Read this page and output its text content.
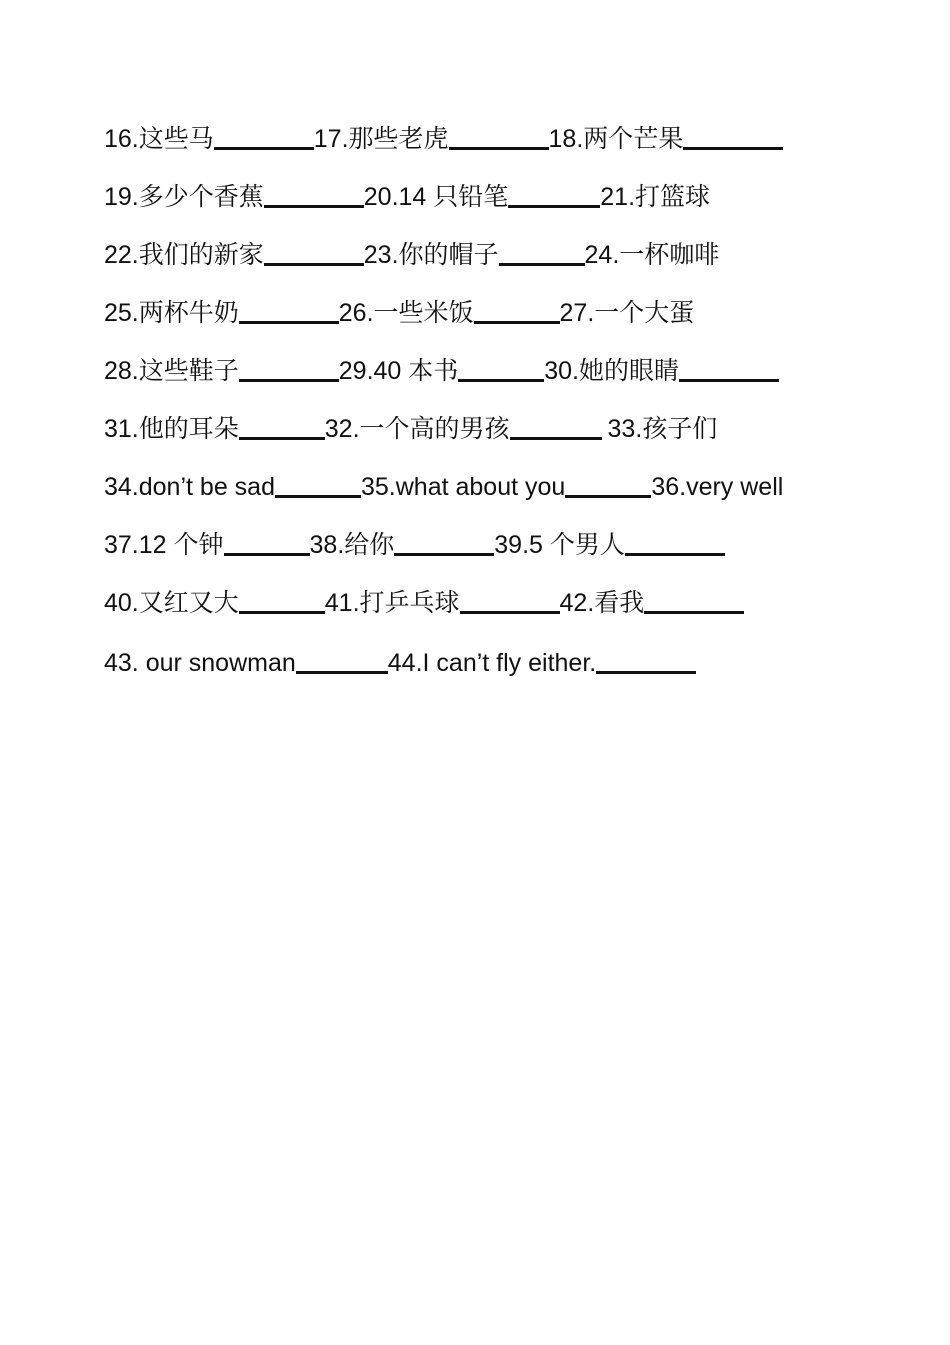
16.这些马	17.那些老虎	18.两个芒果
19.多少个香蕉	20.14 只铅笔	21.打篮球
22.我们的新家	23.你的帽子	24.一杯咖啡
25.两杯牛奶	26.一些米饭	27.一个大蛋
28.这些鞋子	29.40 本书	30.她的眼睛
31.他的耳朵	32.一个高的男孩	33.孩子们
34.don’t be sad	35.what about you	36.very well
37.12 个钟	38.给你	39.5 个男人
40.又红又大	41.打乒乓球	42.看我
43. our snowman	44.I can’t fly either.
